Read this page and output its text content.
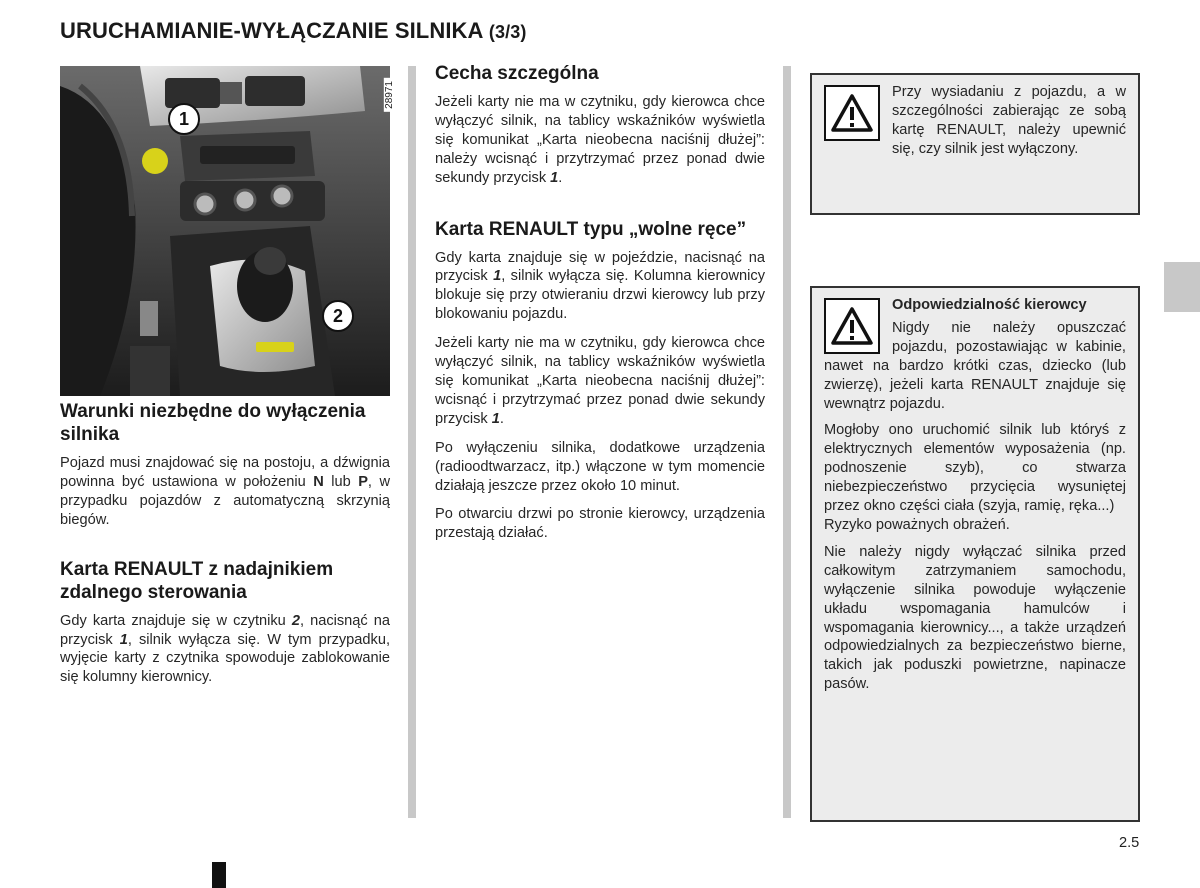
URUCHAMIANIE-WYŁĄCZANIE SILNIKA (3/3)
28971
1
2
Warunki niezbędne do wyłączenia silnika

Pojazd musi znajdować się na postoju, a dźwignia powinna być ustawiona w położeniu N lub P, w przypadku pojazdów z automatyczną skrzynią biegów.

Karta RENAULT z nadajnikiem zdalnego sterowania

Gdy karta znajduje się w czytniku 2, nacisnąć na przycisk 1, silnik wyłącza się. W tym przypadku, wyjęcie karty z czytnika spowoduje zablokowanie się kolumny kierownicy.

Cecha szczególna

Jeżeli karty nie ma w czytniku, gdy kierowca chce wyłączyć silnik, na tablicy wskaźników wyświetla się komunikat „Karta nieobecna naciśnij dłużej”: należy wcisnąć i przytrzymać przez ponad dwie sekundy przycisk 1.

Karta RENAULT typu „wolne ręce”

Gdy karta znajduje się w pojeździe, nacisnąć na przycisk 1, silnik wyłącza się. Kolumna kierownicy blokuje się przy otwieraniu drzwi kierowcy lub przy blokowaniu pojazdu.

Jeżeli karty nie ma w czytniku, gdy kierowca chce wyłączyć silnik, na tablicy wskaźników wyświetla się komunikat „Karta nieobecna naciśnij dłużej”: wcisnąć i przytrzymać przez ponad dwie sekundy przycisk 1.

Po wyłączeniu silnika, dodatkowe urządzenia (radioodtwarzacz, itp.) włączone w tym momencie działają jeszcze przez około 10 minut.

Po otwarciu drzwi po stronie kierowcy, urządzenia przestają działać.

Przy wysiadaniu z pojazdu, a w szczególności zabierając ze sobą kartę RENAULT, należy upewnić się, czy silnik jest wyłączony.

Odpowiedzialność kierowcy

Nigdy nie należy opuszczać pojazdu, pozostawiając w kabinie, nawet na bardzo krótki czas, dziecko (lub zwierzę), jeżeli karta RENAULT znajduje się wewnątrz pojazdu.

Mogłoby ono uruchomić silnik lub któryś z elektrycznych elementów wyposażenia (np. podnoszenie szyb), co stwarza niebezpieczeństwo przycięcia wysuniętej przez okno części ciała (szyja, ramię, ręka...)

Ryzyko poważnych obrażeń.

Nie należy nigdy wyłączać silnika przed całkowitym zatrzymaniem samochodu, wyłączenie silnika powoduje wyłączenie układu wspomagania hamulców i wspomagania kierownicy..., a także urządzeń odpowiedzialnych za bezpieczeństwo bierne, takich jak poduszki powietrzne, napinacze pasów.

2.5
